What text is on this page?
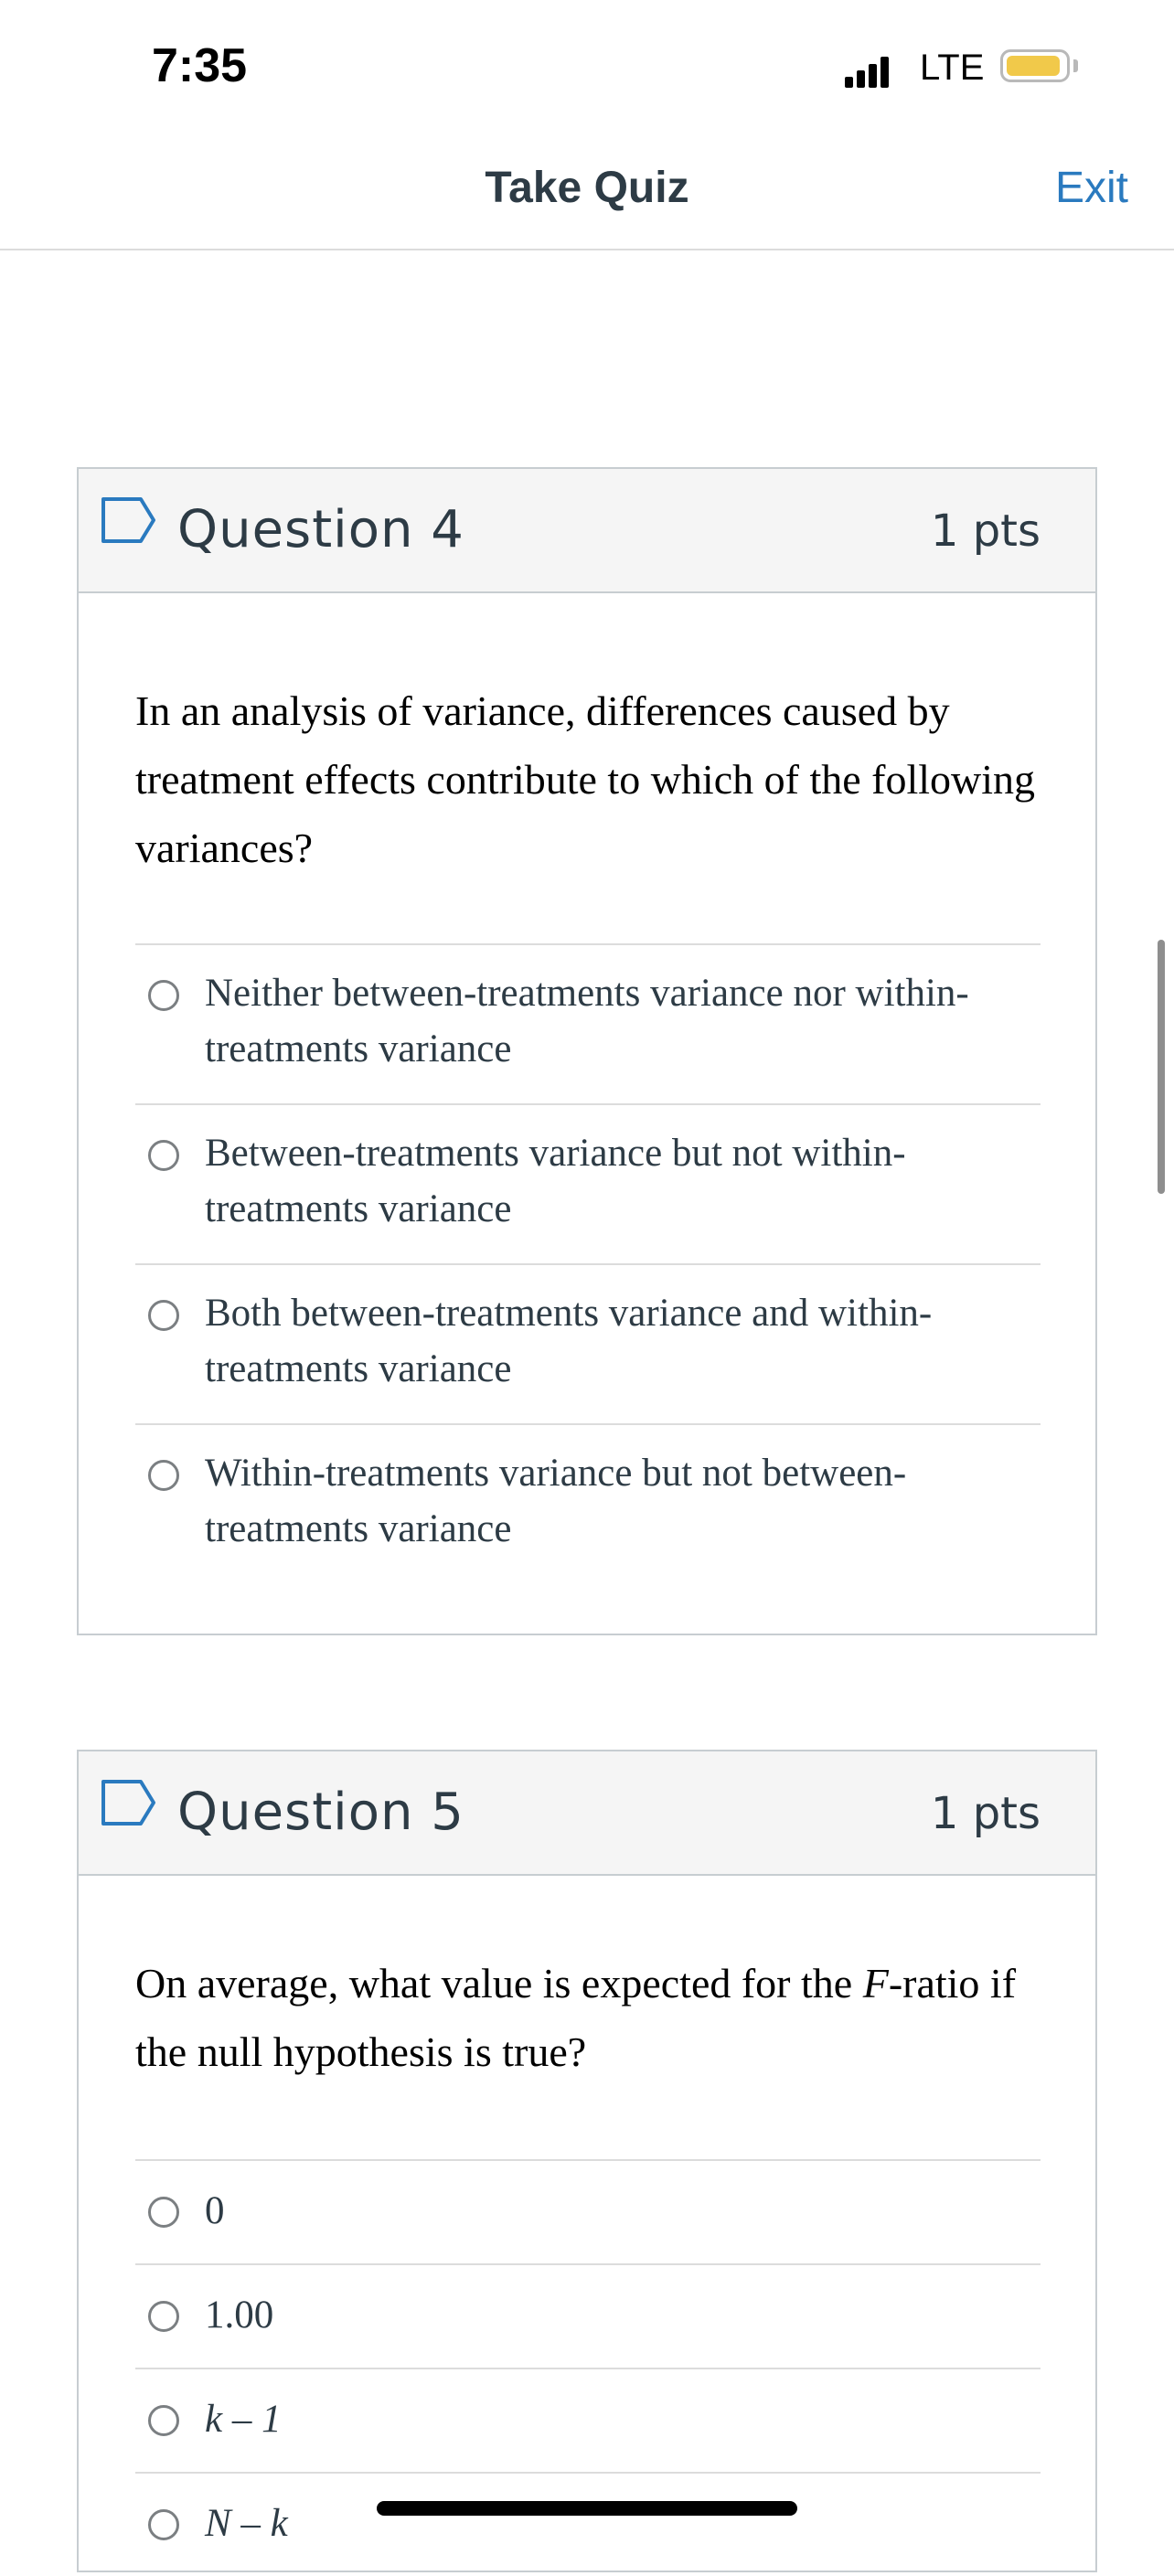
7:35	LTE
Take Quiz	Exit
Question 4	1 pts
In an analysis of variance, differences caused by treatment effects contribute to which of the following variances?
Neither between-treatments variance nor within-treatments variance
Between-treatments variance but not within-treatments variance
Both between-treatments variance and within-treatments variance
Within-treatments variance but not between-treatments variance
Question 5	1 pts
On average, what value is expected for the F-ratio if the null hypothesis is true?
0
1.00
k – 1
N – k
